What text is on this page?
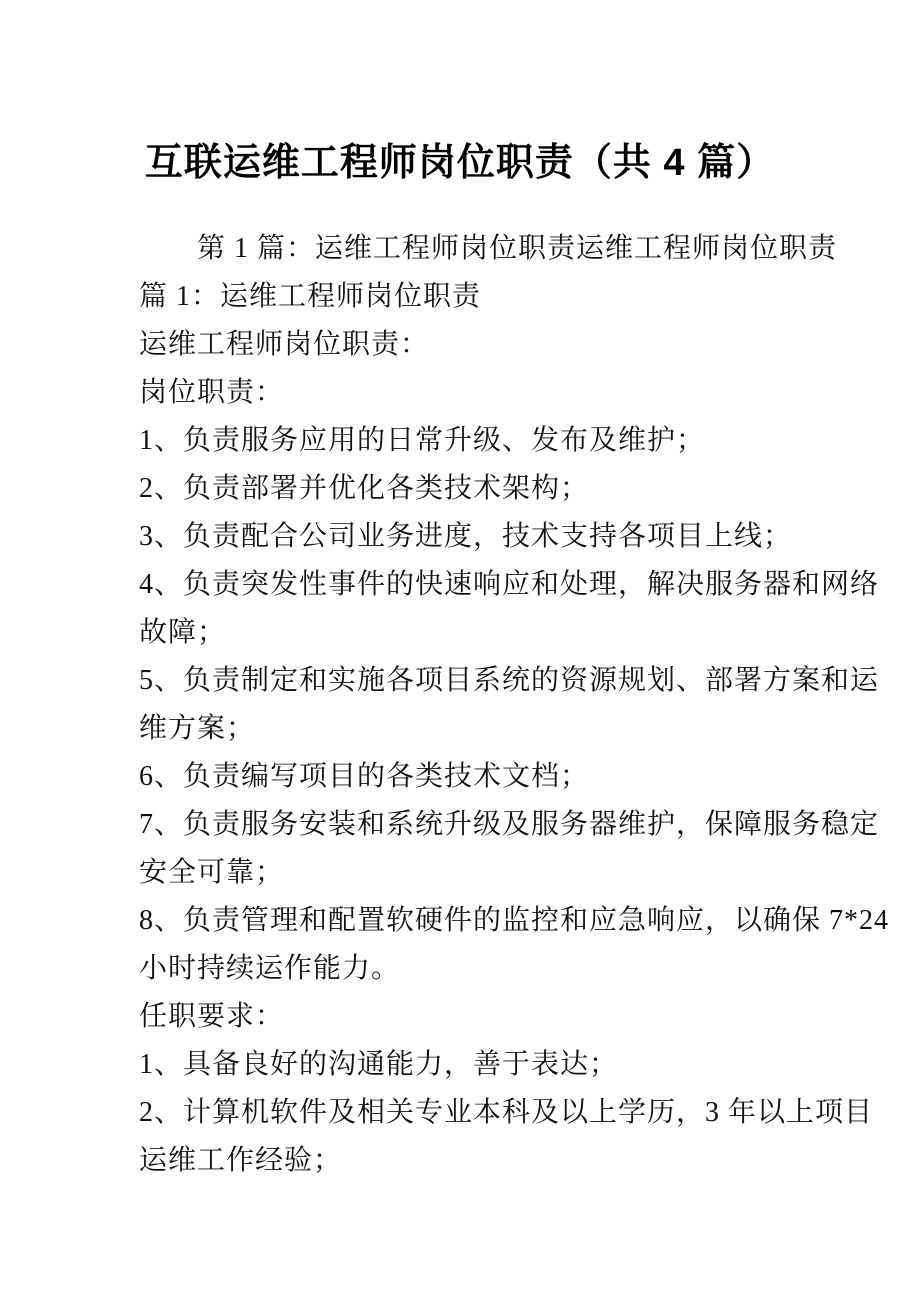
互联运维工程师岗位职责（共 4 篇）
第 1 篇：运维工程师岗位职责运维工程师岗位职责
篇 1：运维工程师岗位职责
运维工程师岗位职责：
岗位职责：
1、负责服务应用的日常升级、发布及维护；
2、负责部署并优化各类技术架构；
3、负责配合公司业务进度，技术支持各项目上线；
4、负责突发性事件的快速响应和处理，解决服务器和网络
故障；
5、负责制定和实施各项目系统的资源规划、部署方案和运
维方案；
6、负责编写项目的各类技术文档；
7、负责服务安装和系统升级及服务器维护，保障服务稳定
安全可靠；
8、负责管理和配置软硬件的监控和应急响应，以确保 7*24
小时持续运作能力。
任职要求：
1、具备良好的沟通能力，善于表达；
2、计算机软件及相关专业本科及以上学历，3 年以上项目
运维工作经验；
